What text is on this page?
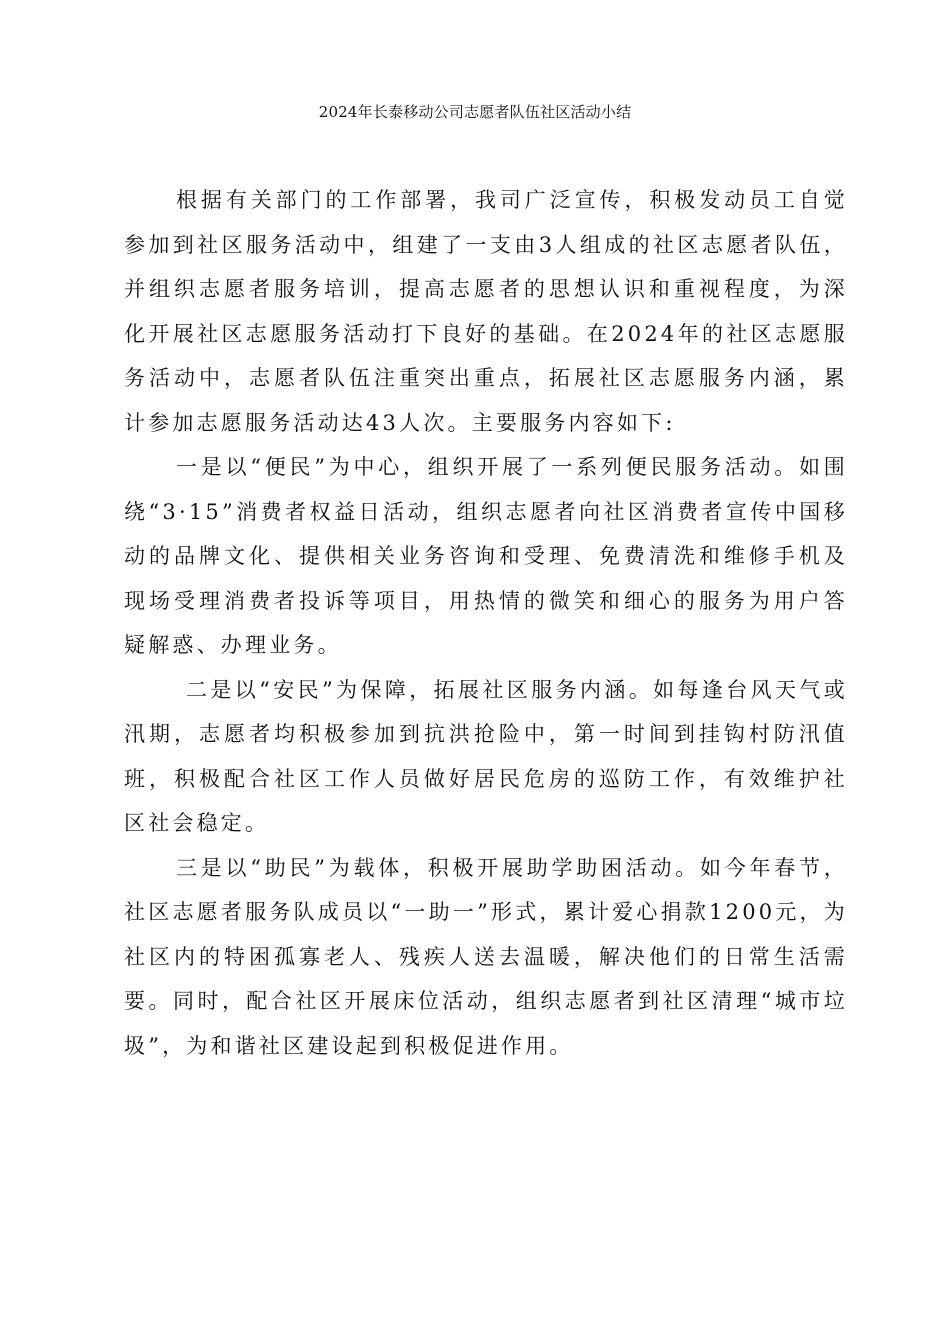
2024年长泰移动公司志愿者队伍社区活动小结

根据有关部门的工作部署，我司广泛宣传，积极发动员工自觉参加到社区服务活动中，组建了一支由3人组成的社区志愿者队伍，并组织志愿者服务培训，提高志愿者的思想认识和重视程度，为深化开展社区志愿服务活动打下良好的基础。在2024年的社区志愿服务活动中，志愿者队伍注重突出重点，拓展社区志愿服务内涵，累计参加志愿服务活动达43人次。主要服务内容如下:

一是以“便民”为中心，组织开展了一系列便民服务活动。如围绕“3·15”消费者权益日活动，组织志愿者向社区消费者宣传中国移动的品牌文化、提供相关业务咨询和受理、免费清洗和维修手机及现场受理消费者投诉等项目，用热情的微笑和细心的服务为用户答疑解惑、办理业务。

二是以“安民”为保障，拓展社区服务内涵。如每逢台风天气或汛期，志愿者均积极参加到抗洪抢险中，第一时间到挂钩村防汛值班，积极配合社区工作人员做好居民危房的巡防工作，有效维护社区社会稳定。

三是以“助民”为载体，积极开展助学助困活动。如今年春节，社区志愿者服务队成员以“一助一”形式，累计爱心捐款1200元，为社区内的特困孤寡老人、残疾人送去温暖，解决他们的日常生活需要。同时，配合社区开展床位活动，组织志愿者到社区清理“城市垃圾”，为和谐社区建设起到积极促进作用。
